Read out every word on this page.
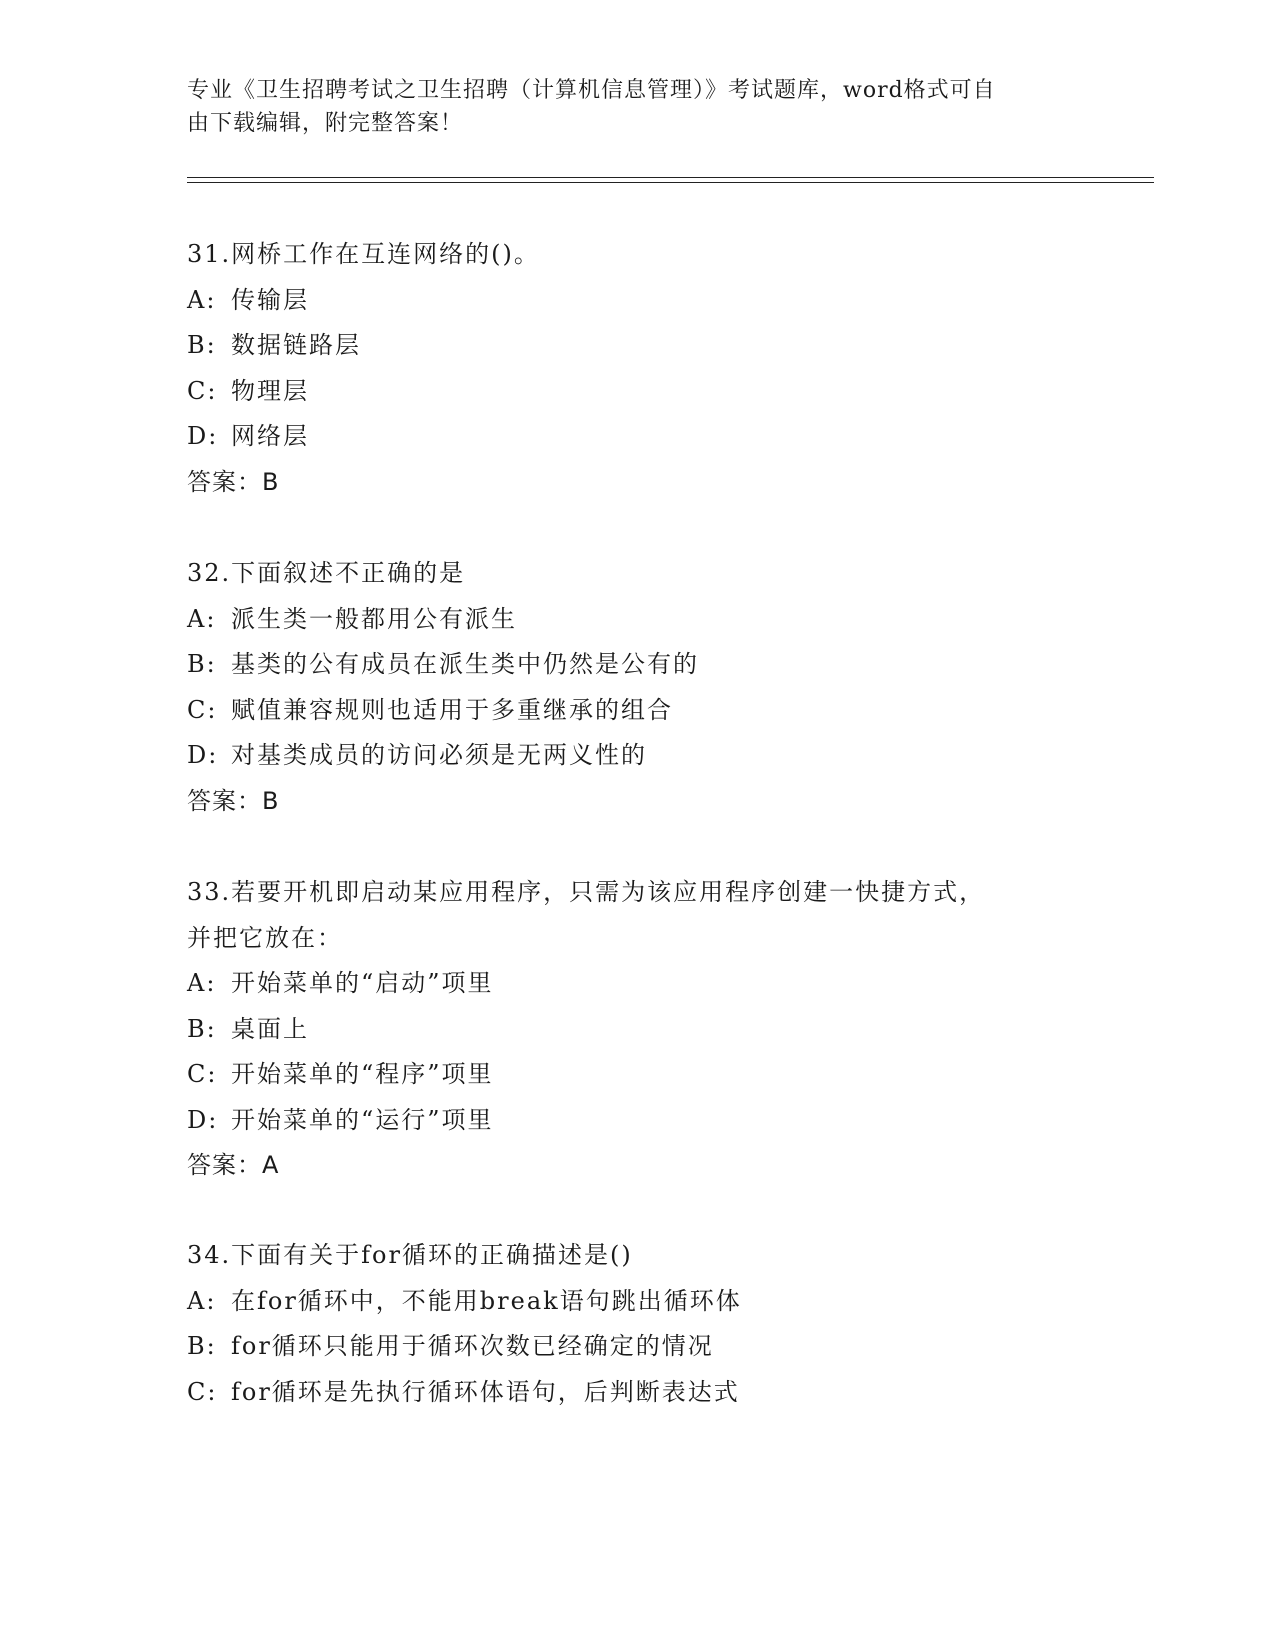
专业《卫生招聘考试之卫生招聘（计算机信息管理）》考试题库，word格式可自
由下载编辑，附完整答案！
31.网桥工作在互连网络的()。
A: 传输层
B: 数据链路层
C: 物理层
D: 网络层
答案：B
32.下面叙述不正确的是
A: 派生类一般都用公有派生
B: 基类的公有成员在派生类中仍然是公有的
C: 赋值兼容规则也适用于多重继承的组合
D: 对基类成员的访问必须是无两义性的
答案：B
33.若要开机即启动某应用程序，只需为该应用程序创建一快捷方式，
并把它放在：
A: 开始菜单的“启动”项里
B: 桌面上
C: 开始菜单的“程序”项里
D: 开始菜单的“运行”项里
答案：A
34.下面有关于for循环的正确描述是()
A: 在for循环中，不能用break语句跳出循环体
B: for循环只能用于循环次数已经确定的情况
C: for循环是先执行循环体语句，后判断表达式
